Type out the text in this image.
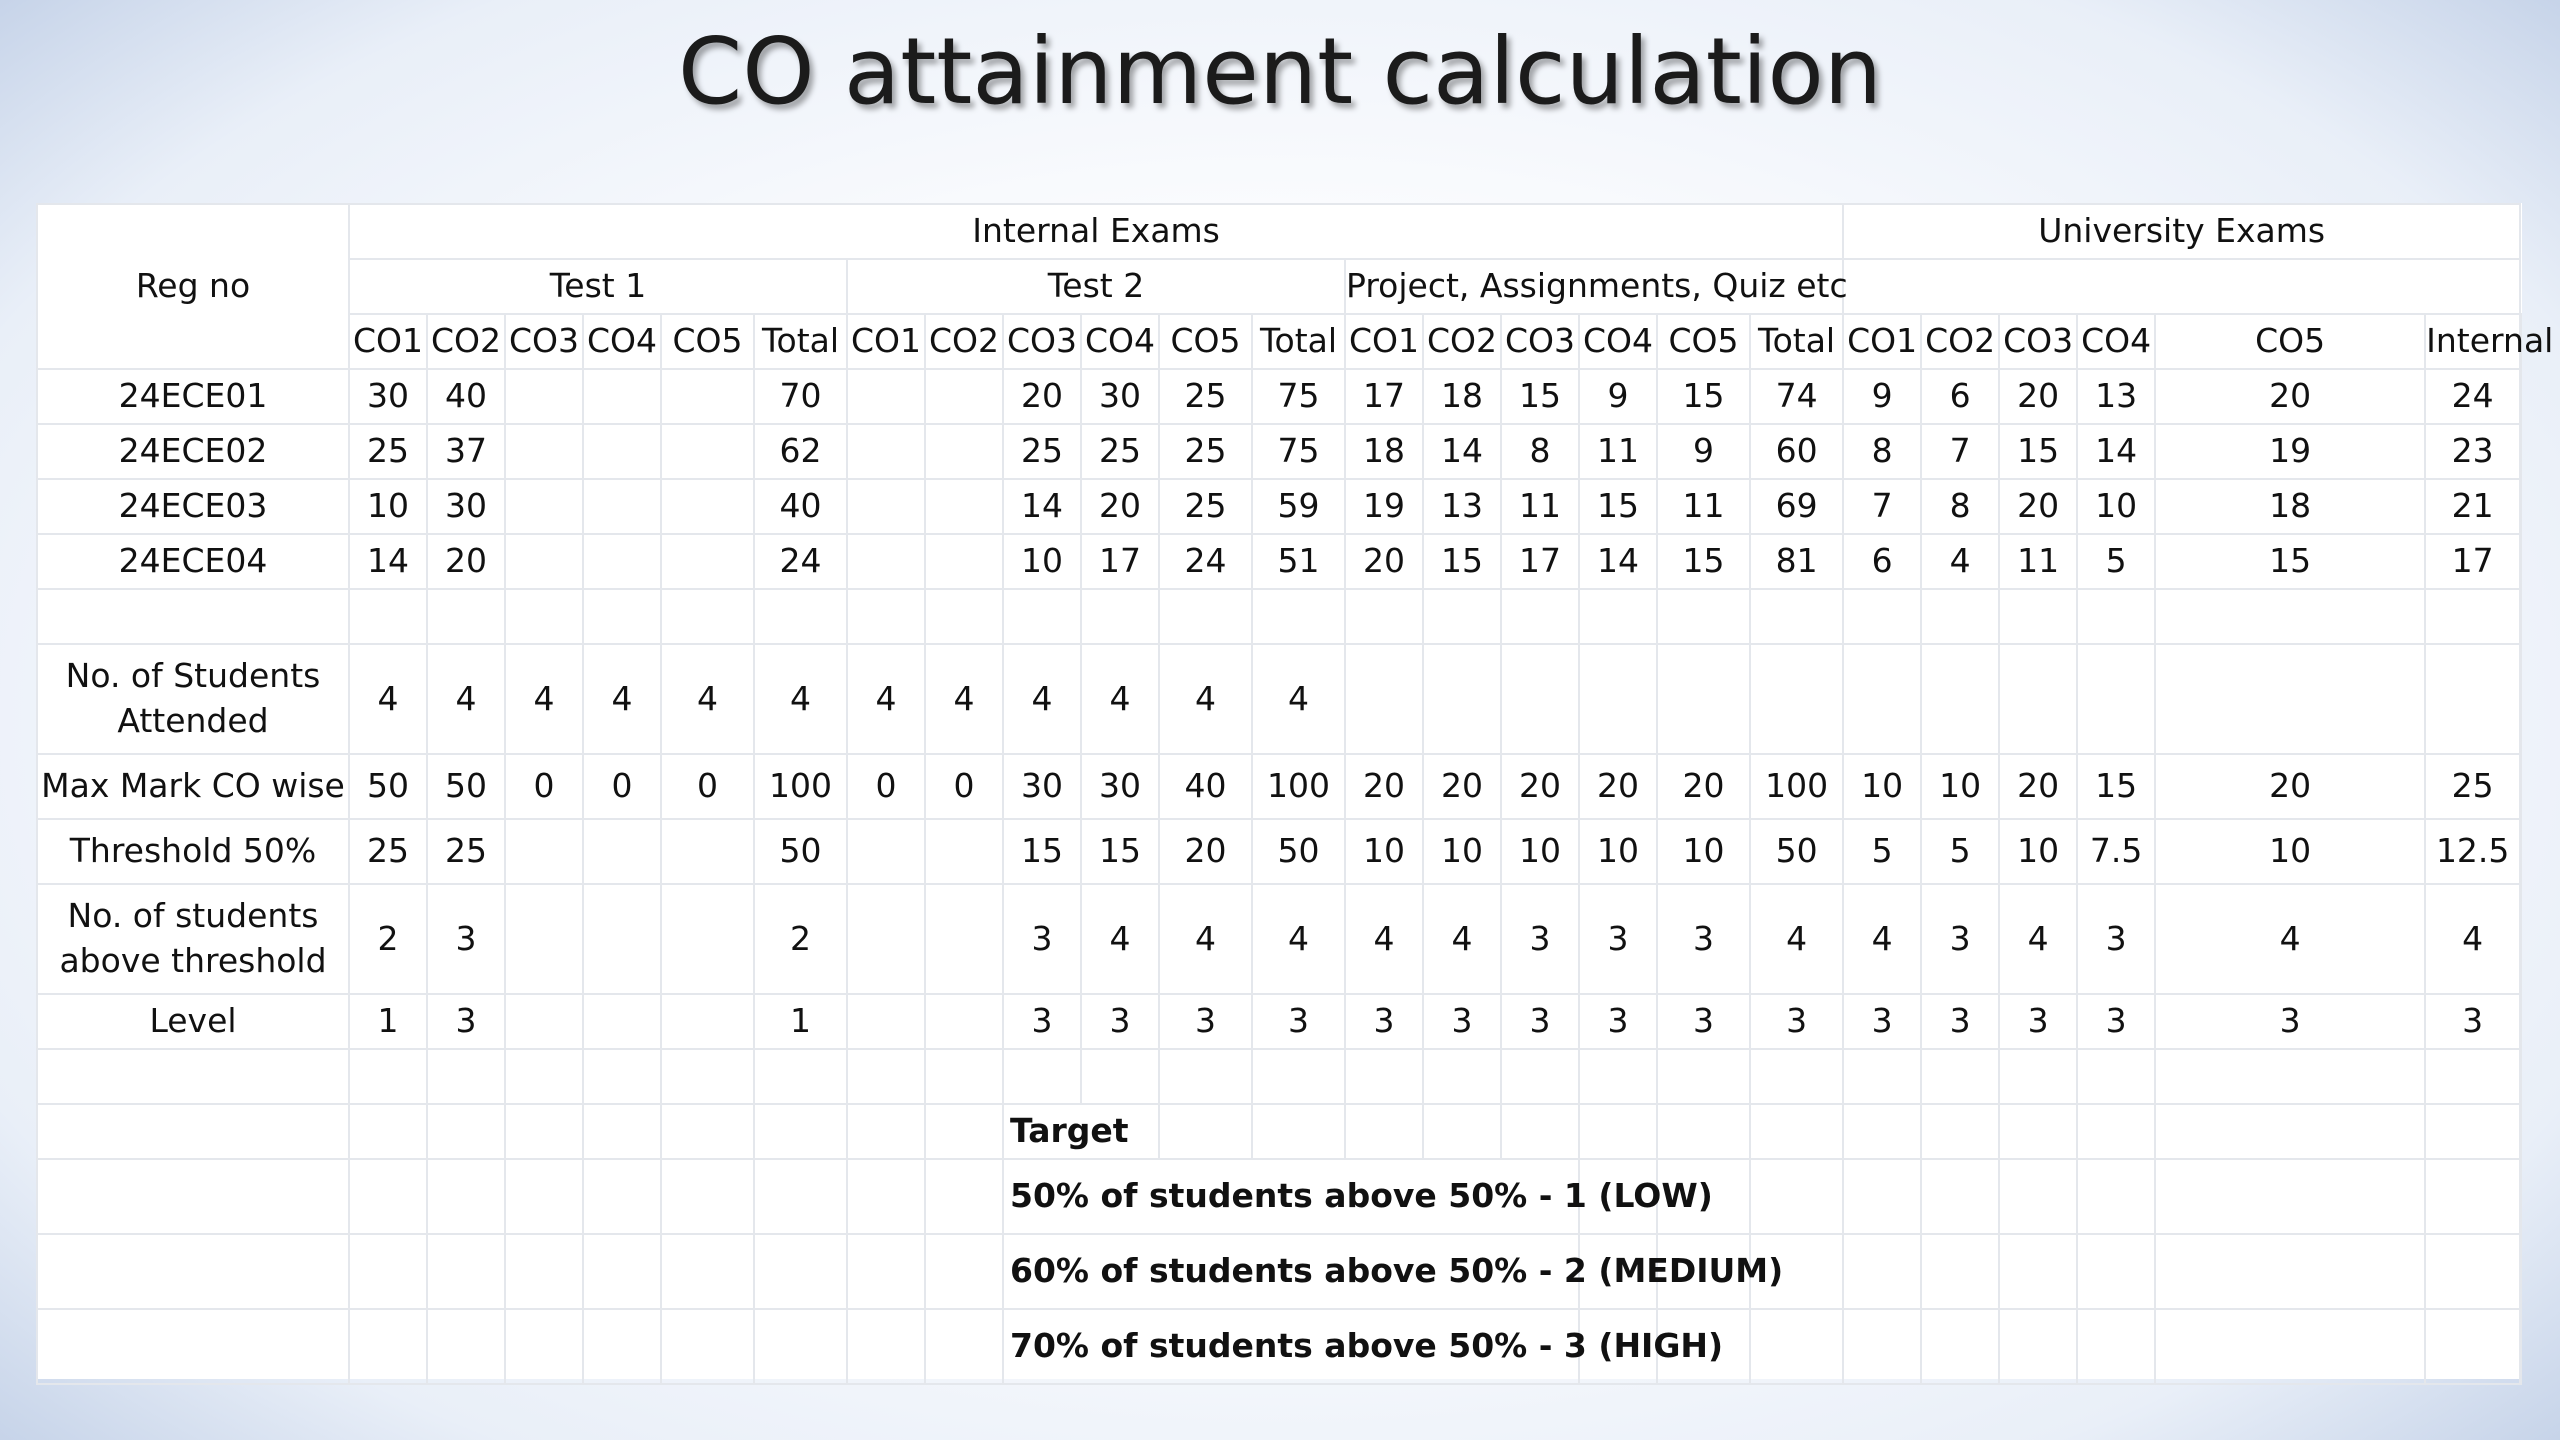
CO attainment calculation
Reg no	Internal Exams																		University Exams						
	Test 1						Test 2						Project, Assignments, Quiz etc												
	CO1	CO2	CO3	CO4	CO5	Total	CO1	CO2	CO3	CO4	CO5	Total	CO1	CO2	CO3	CO4	CO5	Total	CO1	CO2	CO3	CO4	CO5	Internal	
24ECE01	30	40				70			20	30	25	75	17	18	15	9	15	74	9	6	20	13	20	24	
24ECE02	25	37				62			25	25	25	75	18	14	8	11	9	60	8	7	15	14	19	23	
24ECE03	10	30				40			14	20	25	59	19	13	11	15	11	69	7	8	20	10	18	21	
24ECE04	14	20				24			10	17	24	51	20	15	17	14	15	81	6	4	11	5	15	17	

No. of Students Attended	4	4	4	4	4	4	4	4	4	4	4	4													
Max Mark CO wise	50	50	0	0	0	100	0	0	30	30	40	100	20	20	20	20	20	100	10	10	20	15	20	25	
Threshold 50%	25	25				50			15	15	20	50	10	10	10	10	10	50	5	5	10	7.5	10	12.5	
No. of students above threshold	2	3				2			3	4	4	4	4	4	3	3	3	4	4	3	4	3	4	4	
Level	1	3				1			3	3	3	3	3	3	3	3	3	3	3	3	3	3	3	3	

									Target																
									50% of students above 50% - 1 (LOW)																
									60% of students above 50% - 2 (MEDIUM)																
									70% of students above 50% - 3 (HIGH)																
